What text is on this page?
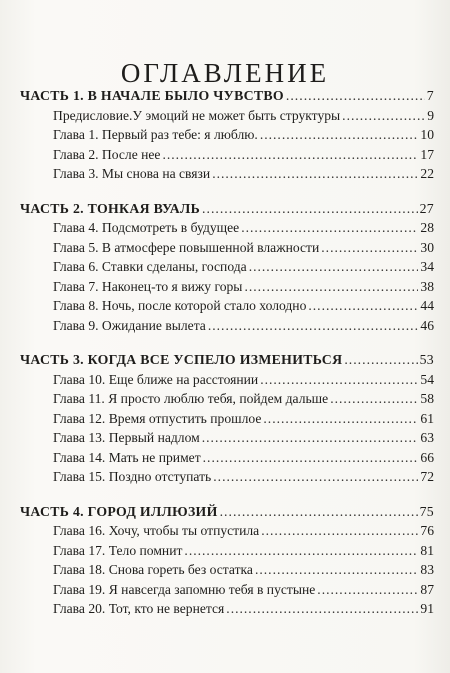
ОГЛАВЛЕНИЕ
ЧАСТЬ 1. В НАЧАЛЕ БЫЛО ЧУВСТВО .....	7
Предисловие.У эмоций не может быть структуры .....	9
Глава 1. Первый раз тебе: я люблю. .....	10
Глава 2. После нее .....	17
Глава 3. Мы снова на связи .....	22
ЧАСТЬ 2. ТОНКАЯ ВУАЛЬ .....	27
Глава 4. Подсмотреть в будущее .....	28
Глава 5. В атмосфере повышенной влажности .....	30
Глава 6. Ставки сделаны, господа .....	34
Глава 7. Наконец-то я вижу горы .....	38
Глава 8. Ночь, после которой стало холодно .....	44
Глава 9. Ожидание вылета .....	46
ЧАСТЬ 3. КОГДА ВСЕ УСПЕЛО ИЗМЕНИТЬСЯ .....	53
Глава 10. Еще ближе на расстоянии .....	54
Глава 11. Я просто люблю тебя, пойдем дальше .....	58
Глава 12. Время отпустить прошлое .....	61
Глава 13. Первый надлом .....	63
Глава 14. Мать не примет .....	66
Глава 15. Поздно отступать .....	72
ЧАСТЬ 4. ГОРОД ИЛЛЮЗИЙ .....	75
Глава 16. Хочу, чтобы ты отпустила .....	76
Глава 17. Тело помнит .....	81
Глава 18. Снова гореть без остатка .....	83
Глава 19. Я навсегда запомню тебя в пустыне .....	87
Глава 20. Тот, кто не вернется .....	91
